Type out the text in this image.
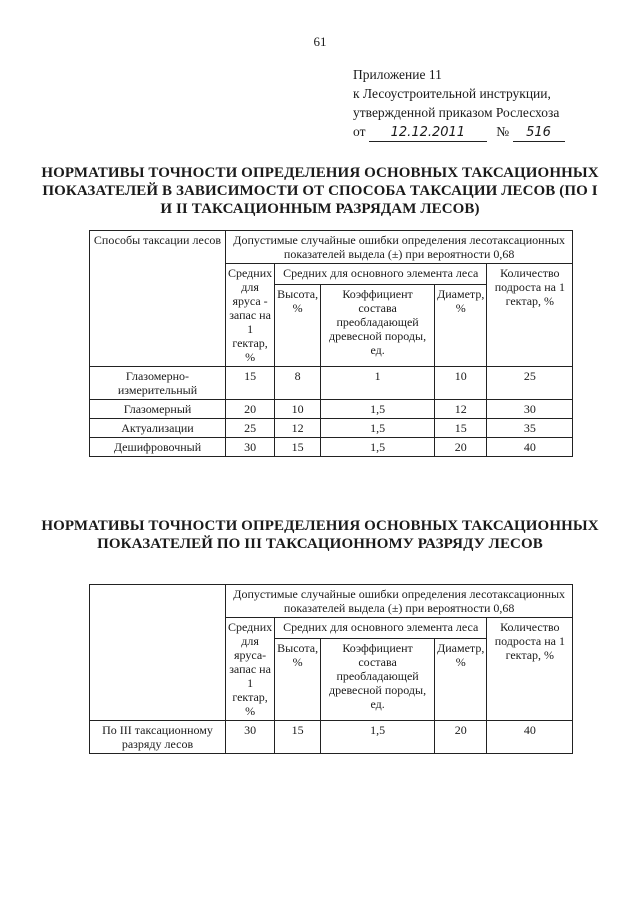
61
Приложение 11
к Лесоустроительной инструкции,
утвержденной приказом Рослесхоза
от 12.12.2011 № 516
НОРМАТИВЫ ТОЧНОСТИ ОПРЕДЕЛЕНИЯ ОСНОВНЫХ ТАКСАЦИОННЫХ ПОКАЗАТЕЛЕЙ В ЗАВИСИМОСТИ ОТ СПОСОБА ТАКСАЦИИ ЛЕСОВ (ПО I И II ТАКСАЦИОННЫМ РАЗРЯДАМ ЛЕСОВ)
Способы таксации лесов	Допустимые случайные ошибки определения лесотаксационных показателей выдела (±) при вероятности 0,68				
	Средних для яруса - запас на 1 гектар, %	Средних для основного элемента леса			Количество подроста на 1 гектар, %
		Высота, %	Коэффициент состава преобладающей древесной породы, ед.	Диаметр, %	
Глазомерно-измерительный	15	8	1	10	25
Глазомерный	20	10	1,5	12	30
Актуализации	25	12	1,5	15	35
Дешифровочный	30	15	1,5	20	40
НОРМАТИВЫ ТОЧНОСТИ ОПРЕДЕЛЕНИЯ ОСНОВНЫХ ТАКСАЦИОННЫХ ПОКАЗАТЕЛЕЙ ПО III ТАКСАЦИОННОМУ РАЗРЯДУ ЛЕСОВ
	Допустимые случайные ошибки определения лесотаксационных показателей выдела (±) при вероятности 0,68				
	Средних для яруса-запас на 1 гектар, %	Средних для основного элемента леса			Количество подроста на 1 гектар, %
		Высота, %	Коэффициент состава преобладающей древесной породы, ед.	Диаметр, %	
По III таксационному разряду лесов	30	15	1,5	20	40
